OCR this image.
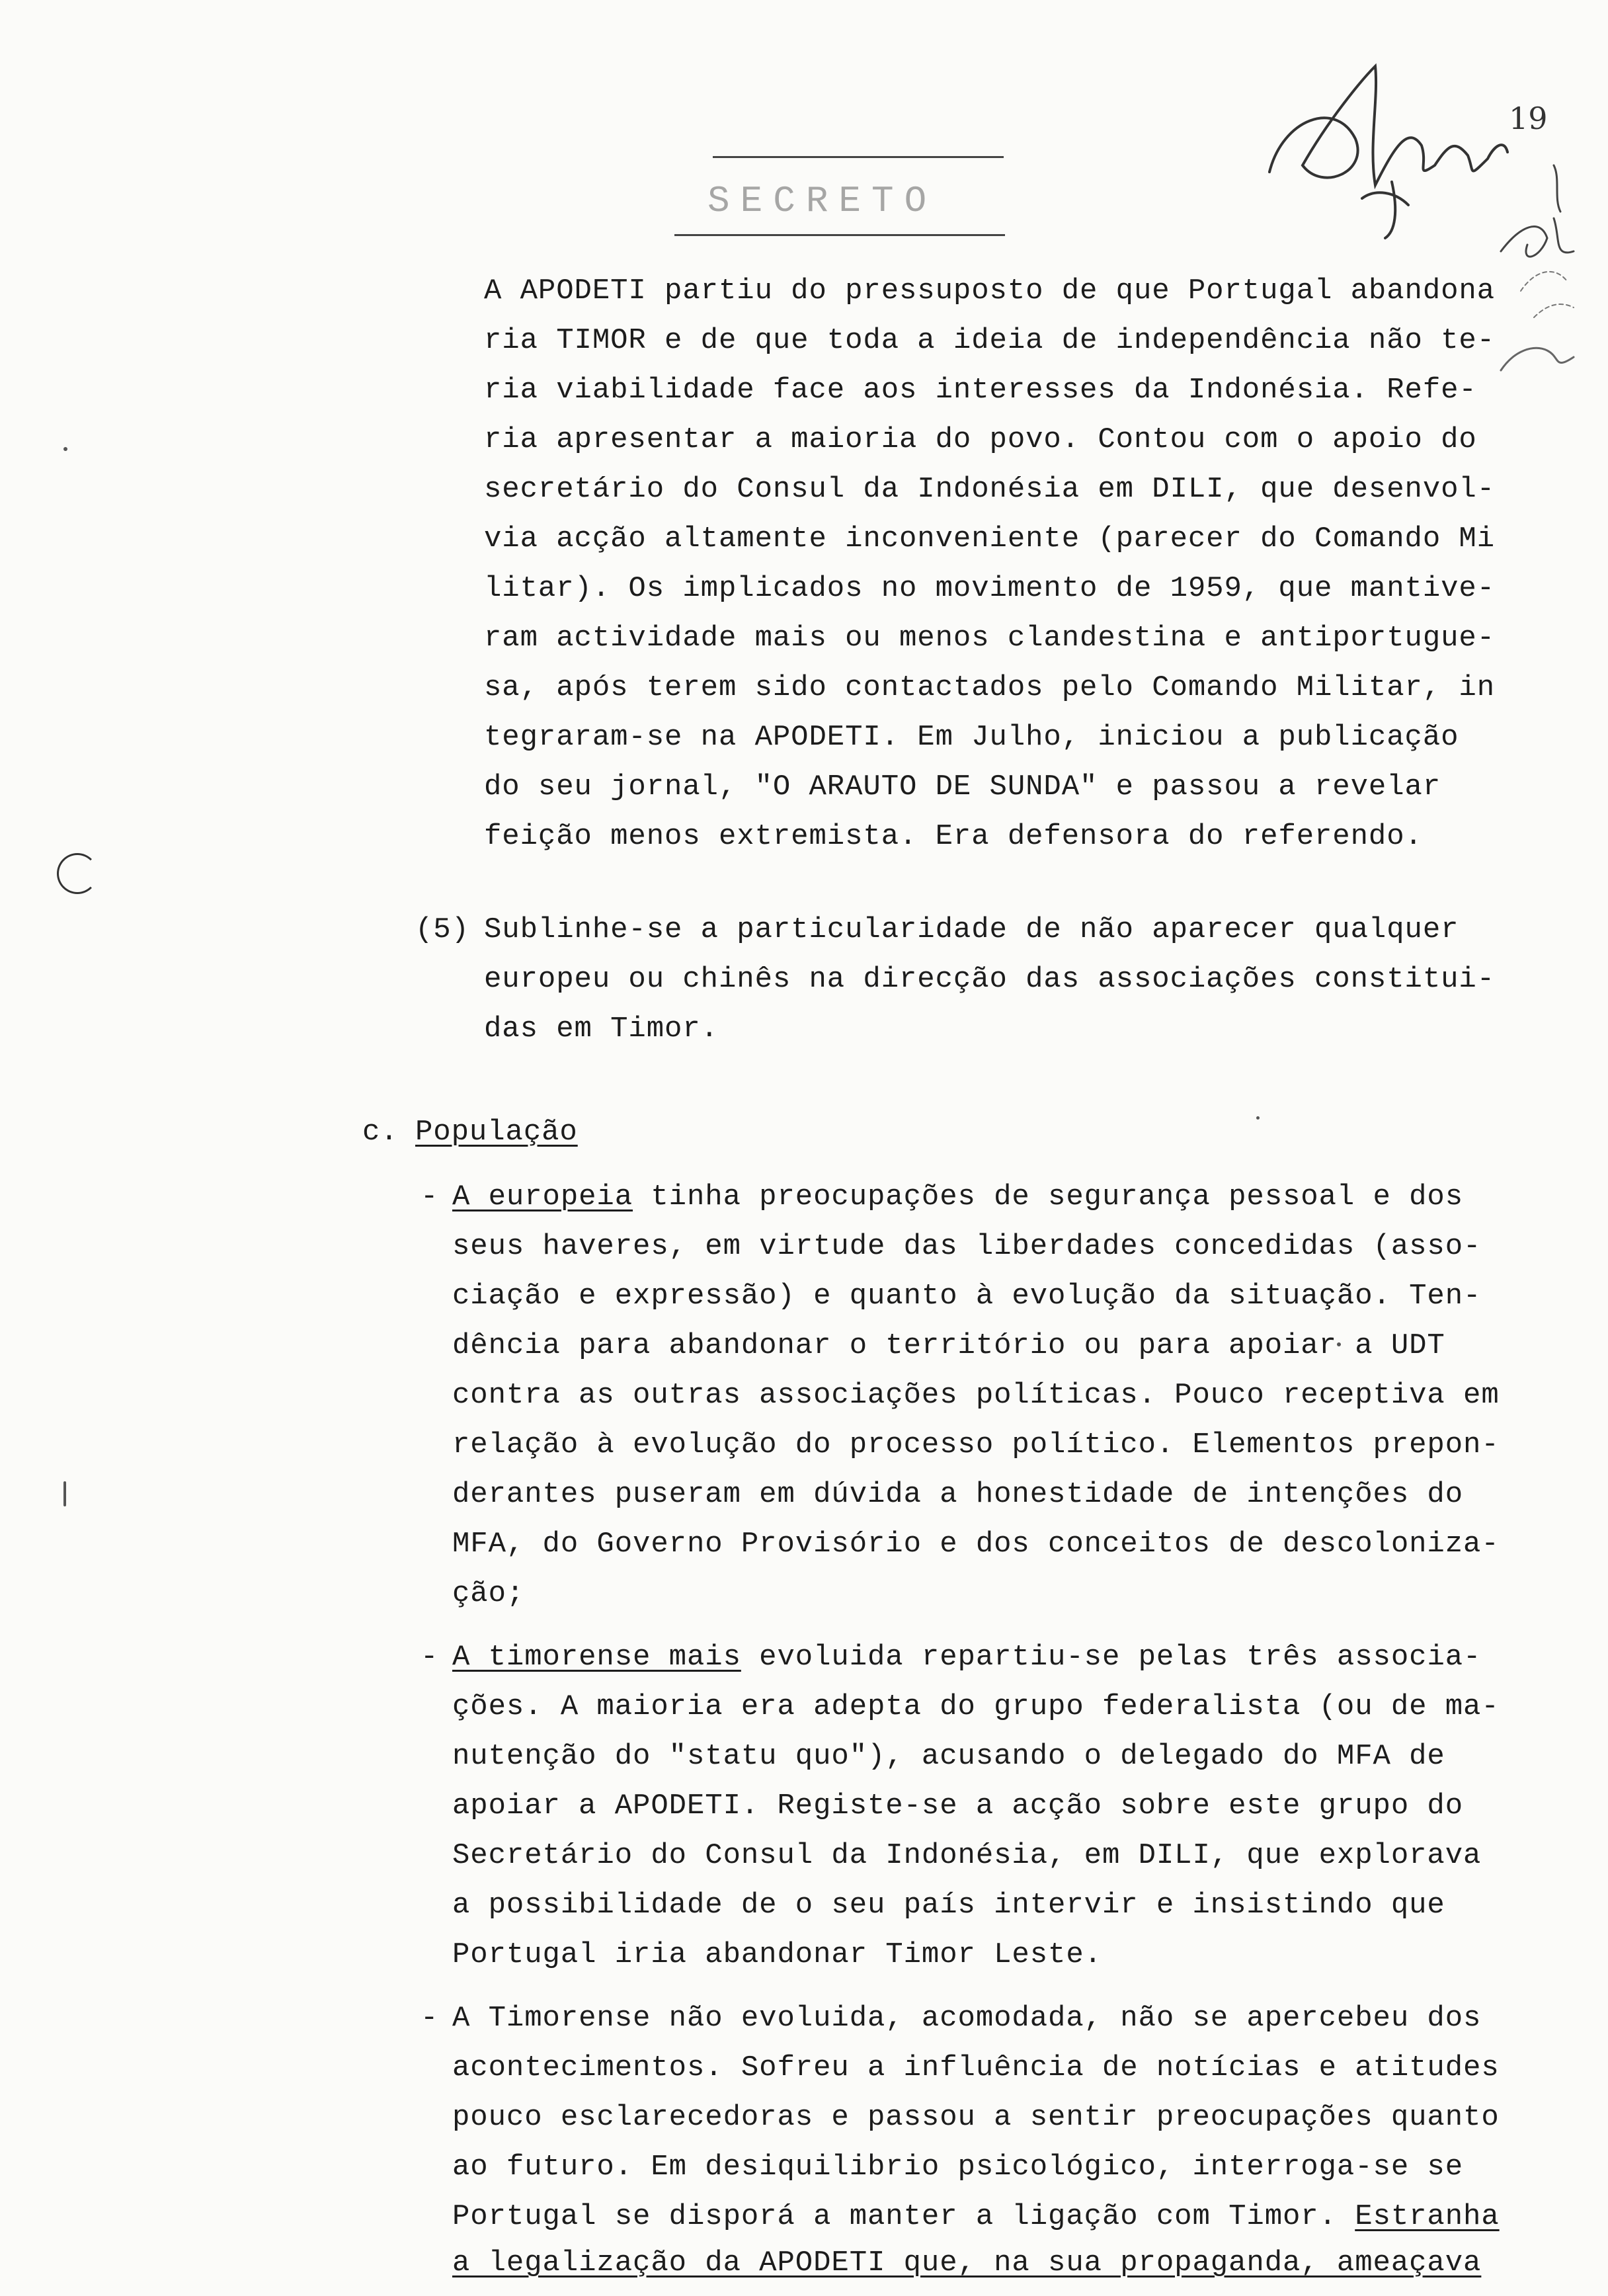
SECRETO
19
A APODETI partiu do pressuposto de que Portugal abandona
ria TIMOR e de que toda a ideia de independência não te-
ria viabilidade face aos interesses da Indonésia. Refe-
ria apresentar a maioria do povo. Contou com o apoio do
secretário do Consul da Indonésia em DILI, que desenvol-
via acção altamente inconveniente (parecer do Comando Mi
litar). Os implicados no movimento de 1959, que mantive-
ram actividade mais ou menos clandestina e antiportugue-
sa, após terem sido contactados pelo Comando Militar, in
tegraram-se na APODETI. Em Julho, iniciou a publicação
do seu jornal, "O ARAUTO DE SUNDA" e passou a revelar
feição menos extremista. Era defensora do referendo.
(5) Sublinhe-se a particularidade de não aparecer qualquer
europeu ou chinês na direcção das associações constitui-
das em Timor.
c. População
- A europeia tinha preocupações de segurança pessoal e dos
seus haveres, em virtude das liberdades concedidas (asso-
ciação e expressão) e quanto à evolução da situação. Ten-
dência para abandonar o território ou para apoiar a UDT
contra as outras associações políticas. Pouco receptiva em
relação à evolução do processo político. Elementos prepon-
derantes puseram em dúvida a honestidade de intenções do
MFA, do Governo Provisório e dos conceitos de descoloniza-
ção;
- A timorense mais evoluida repartiu-se pelas três associa-
ções. A maioria era adepta do grupo federalista (ou de ma-
nutenção do "statu quo"), acusando o delegado do MFA de
apoiar a APODETI. Registe-se a acção sobre este grupo do
Secretário do Consul da Indonésia, em DILI, que explorava
a possibilidade de o seu país intervir e insistindo que
Portugal iria abandonar Timor Leste.
- A Timorense não evoluida, acomodada, não se apercebeu dos
acontecimentos. Sofreu a influência de notícias e atitudes
pouco esclarecedoras e passou a sentir preocupações quanto
ao futuro. Em desiquilibrio psicológico, interroga-se se
Portugal se disporá a manter a ligação com Timor. Estranha
a legalização da APODETI que, na sua propaganda, ameaçava
